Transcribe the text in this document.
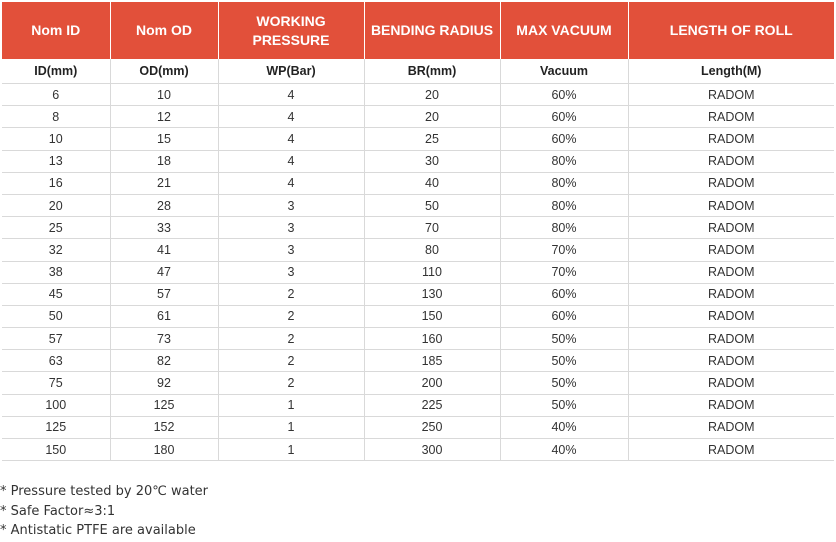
Nom ID	Nom OD	WORKING PRESSURE	BENDING RADIUS	MAX VACUUM	LENGTH OF ROLL
ID(mm)	OD(mm)	WP(Bar)	BR(mm)	Vacuum	Length(M)
6	10	4	20	60%	RADOM
8	12	4	20	60%	RADOM
10	15	4	25	60%	RADOM
13	18	4	30	80%	RADOM
16	21	4	40	80%	RADOM
20	28	3	50	80%	RADOM
25	33	3	70	80%	RADOM
32	41	3	80	70%	RADOM
38	47	3	110	70%	RADOM
45	57	2	130	60%	RADOM
50	61	2	150	60%	RADOM
57	73	2	160	50%	RADOM
63	82	2	185	50%	RADOM
75	92	2	200	50%	RADOM
100	125	1	225	50%	RADOM
125	152	1	250	40%	RADOM
150	180	1	300	40%	RADOM
* Pressure tested by 20℃ water
* Safe Factor≈3:1
* Antistatic PTFE are available
